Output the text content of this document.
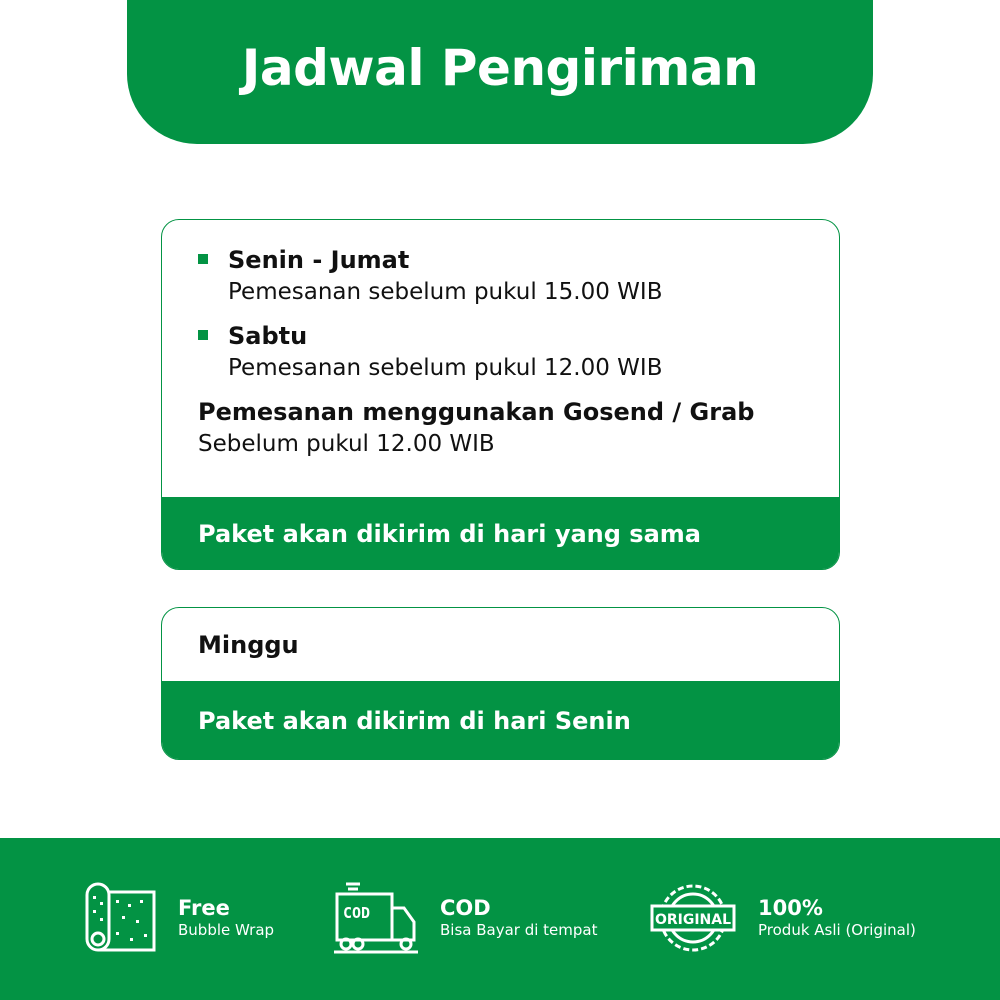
Jadwal Pengiriman
Senin - Jumat
Pemesanan sebelum pukul 15.00 WIB
Sabtu
Pemesanan sebelum pukul 12.00 WIB
Pemesanan menggunakan Gosend / Grab
Sebelum pukul 12.00 WIB
Paket akan dikirim di hari yang sama
Minggu
Paket akan dikirim di hari Senin
Free
Bubble Wrap
COD	COD
Bisa Bayar di tempat
ORIGINAL 100%
Produk Asli (Original)
